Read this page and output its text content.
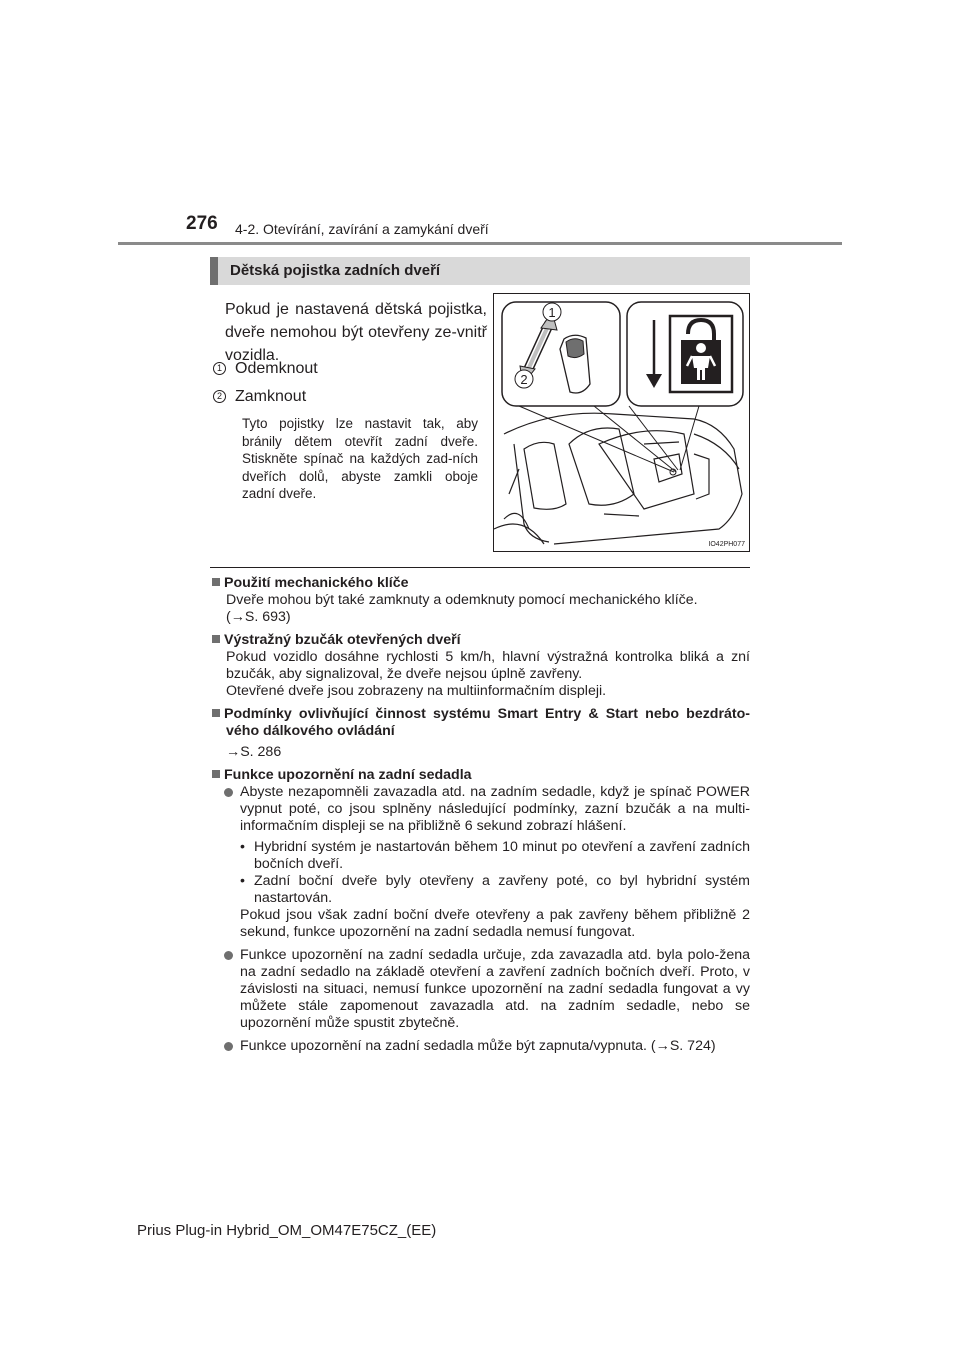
276 4-2. Otevírání, zavírání a zamykání dveří
Dětská pojistka zadních dveří
Pokud je nastavená dětská pojistka, dveře nemohou být otevřeny ze-vnitř vozidla.
1 Odemknout
2 Zamknout
Tyto pojistky lze nastavit tak, aby bránily dětem otevřít zadní dveře. Stiskněte spínač na každých zad-ních dveřích dolů, abyste zamkli oboje zadní dveře.
1
2
IO42PH077

Použití mechanického klíče

Dveře mohou být také zamknuty a odemknuty pomocí mechanického klíče.

(→S. 693)

Výstražný bzučák otevřených dveří

Pokud vozidlo dosáhne rychlosti 5 km/h, hlavní výstražná kontrolka bliká a zní bzučák, aby signalizoval, že dveře nejsou úplně zavřeny.

Otevřené dveře jsou zobrazeny na multiinformačním displeji.

Podmínky ovlivňující činnost systému Smart Entry & Start nebo bezdráto-vého dálkového ovládání

→S. 286

Funkce upozornění na zadní sedadla

Abyste nezapomněli zavazadla atd. na zadním sedadle, když je spínač POWER vypnut poté, co jsou splněny následující podmínky, zazní bzučák a na multi-informačním displeji se na přibližně 6 sekund zobrazí hlášení.

• Hybridní systém je nastartován během 10 minut po otevření a zavření zadních bočních dveří.

• Zadní boční dveře byly otevřeny a zavřeny poté, co byl hybridní systém nastartován.

Pokud jsou však zadní boční dveře otevřeny a pak zavřeny během přibližně 2 sekund, funkce upozornění na zadní sedadla nemusí fungovat.

Funkce upozornění na zadní sedadla určuje, zda zavazadla atd. byla polo-žena na zadní sedadlo na základě otevření a zavření zadních bočních dveří. Proto, v závislosti na situaci, nemusí funkce upozornění na zadní sedadla fungovat a vy můžete stále zapomenout zavazadla atd. na zadním sedadle, nebo se upozornění může spustit zbytečně.

Funkce upozornění na zadní sedadla může být zapnuta/vypnuta. (→S. 724)

Prius Plug-in Hybrid_OM_OM47E75CZ_(EE)
